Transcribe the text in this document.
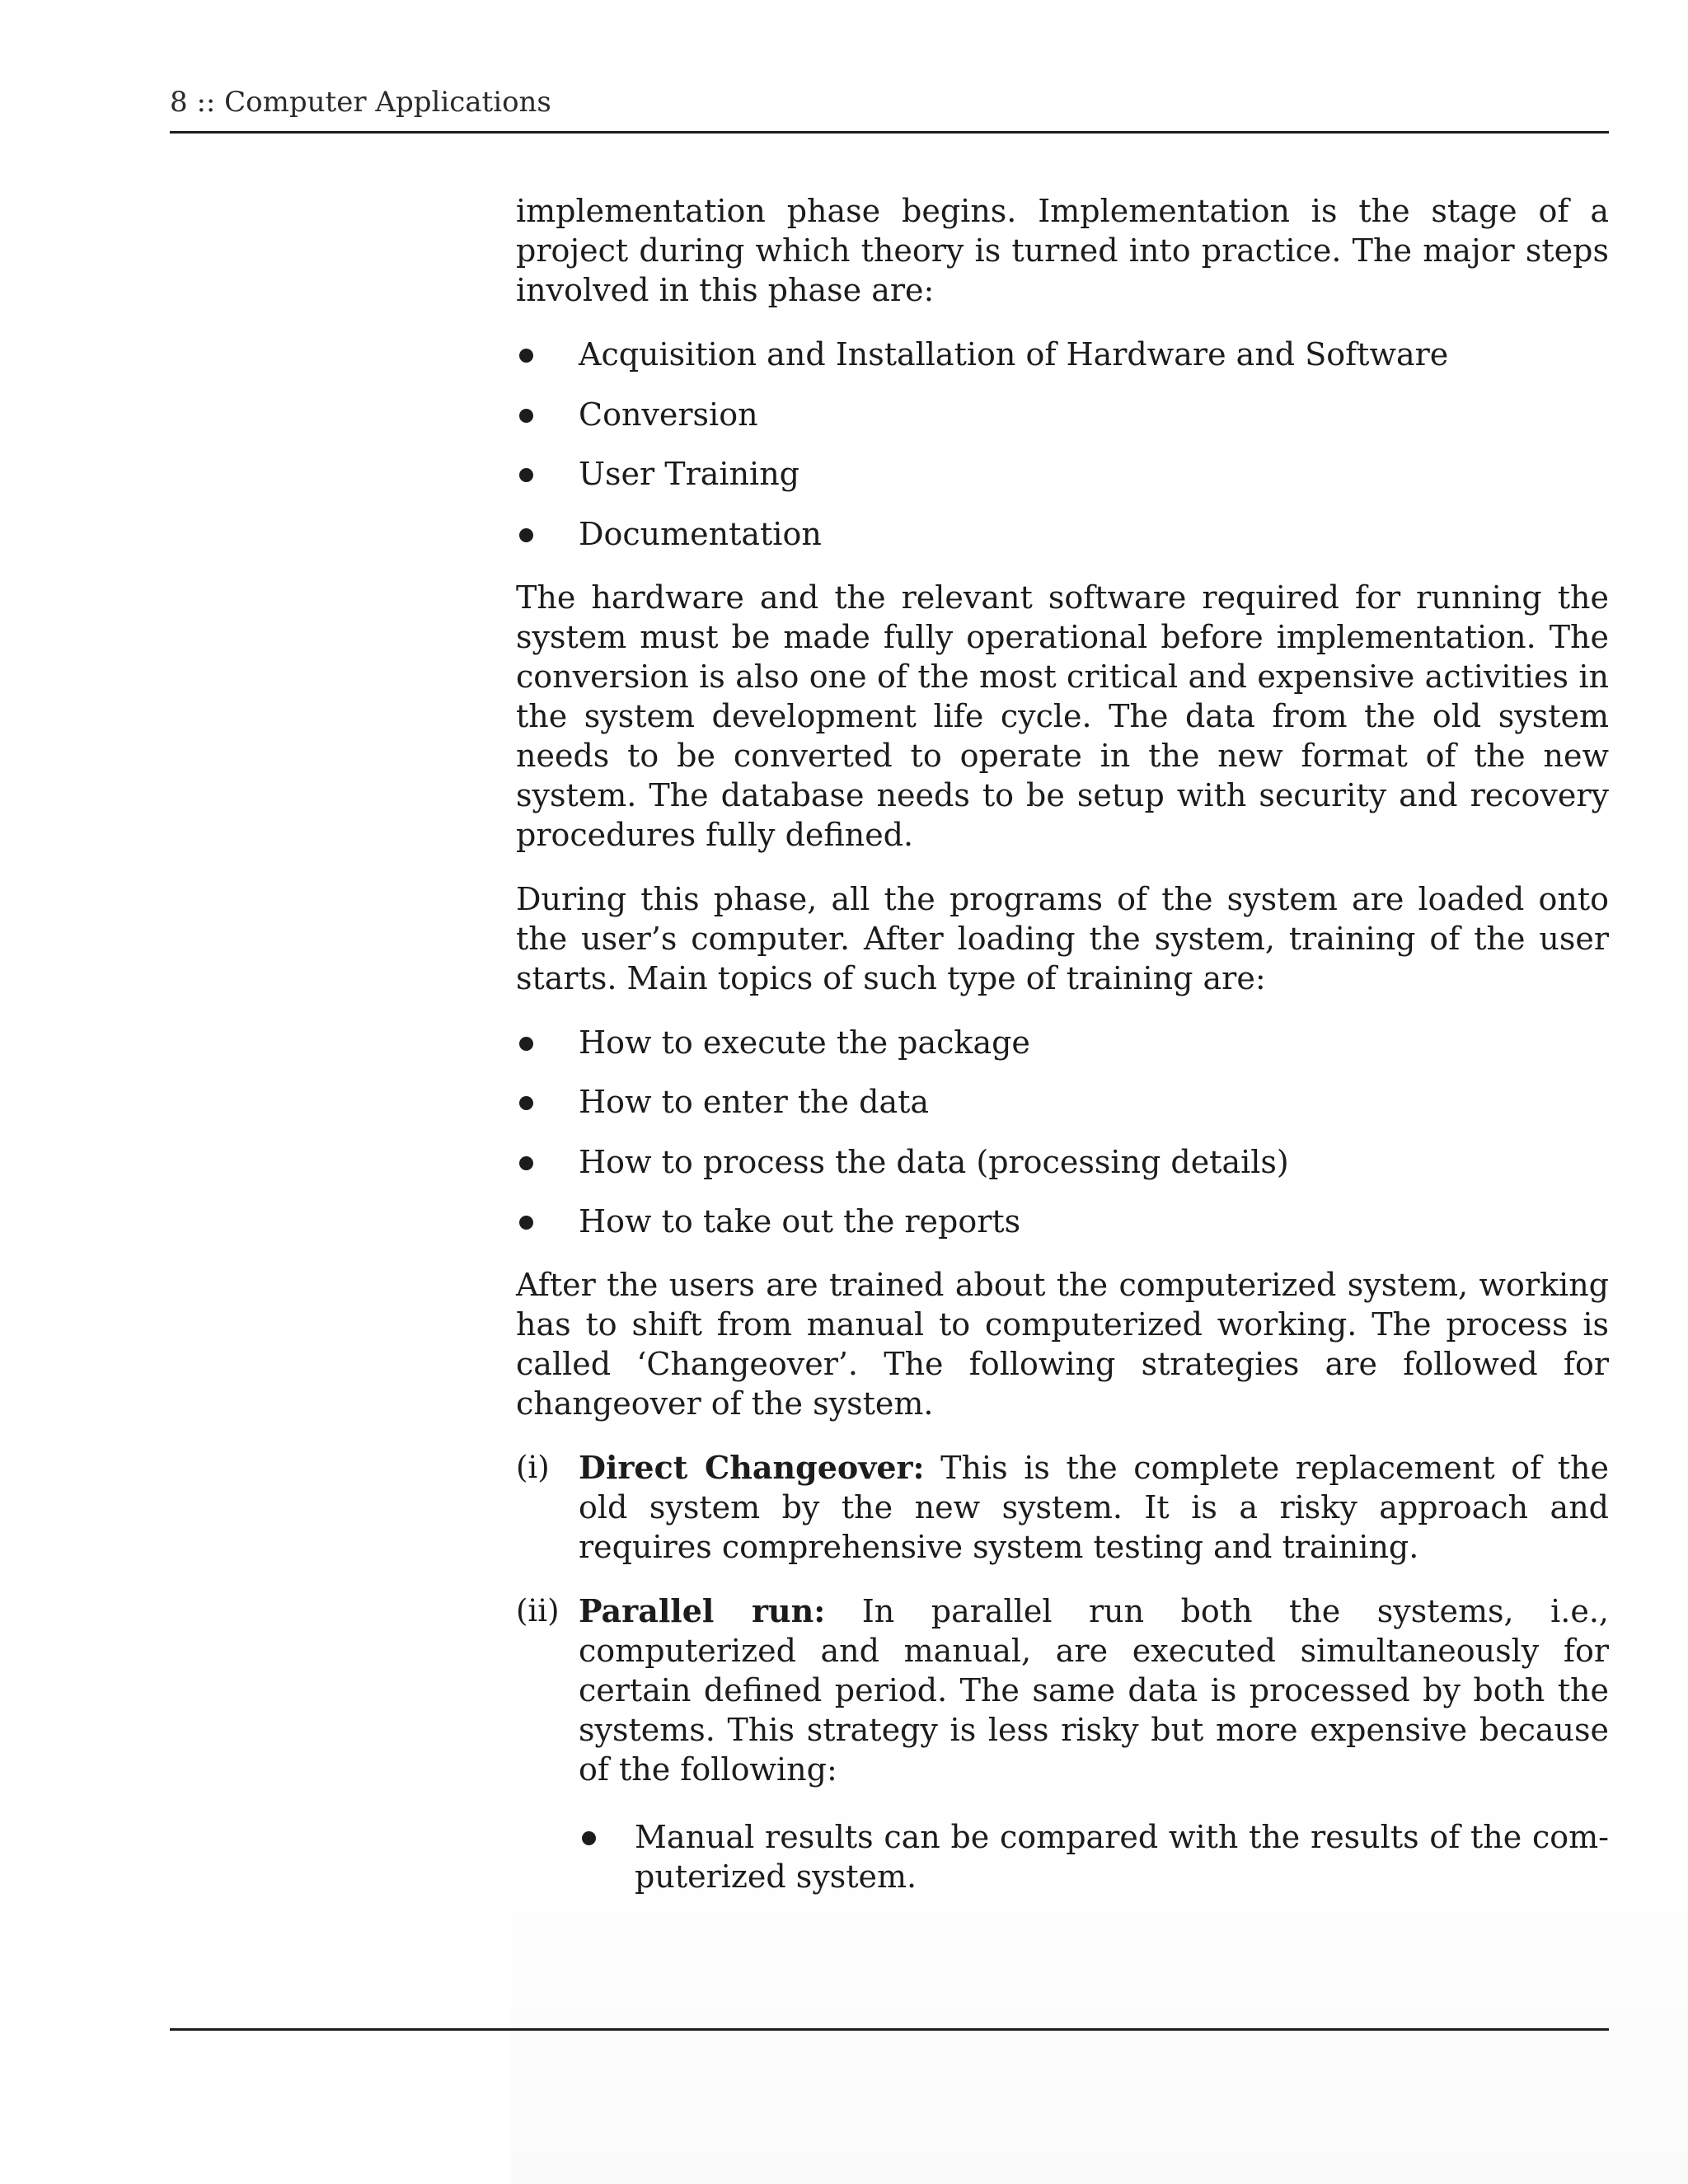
8 :: Computer Applications

implementation phase begins. Implementation is the stage of a project during which theory is turned into practice. The major steps involved in this phase are:

Acquisition and Installation of Hardware and Software
Conversion
User Training
Documentation

The hardware and the relevant software required for running the system must be made fully operational before implementation. The conversion is also one of the most critical and expensive activities in the system development life cycle. The data from the old system needs to be converted to operate in the new format of the new system. The database needs to be setup with security and recovery procedures fully defined.

During this phase, all the programs of the system are loaded onto the user’s computer. After loading the system, training of the user starts. Main topics of such type of training are:

How to execute the package
How to enter the data
How to process the data (processing details)
How to take out the reports

After the users are trained about the computerized system, working has to shift from manual to computerized working. The process is called ‘Changeover’. The following strategies are followed for changeover of the system.

(i) Direct Changeover: This is the complete replacement of the old system by the new system. It is a risky approach and requires comprehensive system testing and training.
(ii) Parallel run: In parallel run both the systems, i.e., computerized and manual, are executed simultaneously for certain defined period. The same data is processed by both the systems. This strategy is less risky but more expensive because of the following:
Manual results can be compared with the results of the computerized system.
